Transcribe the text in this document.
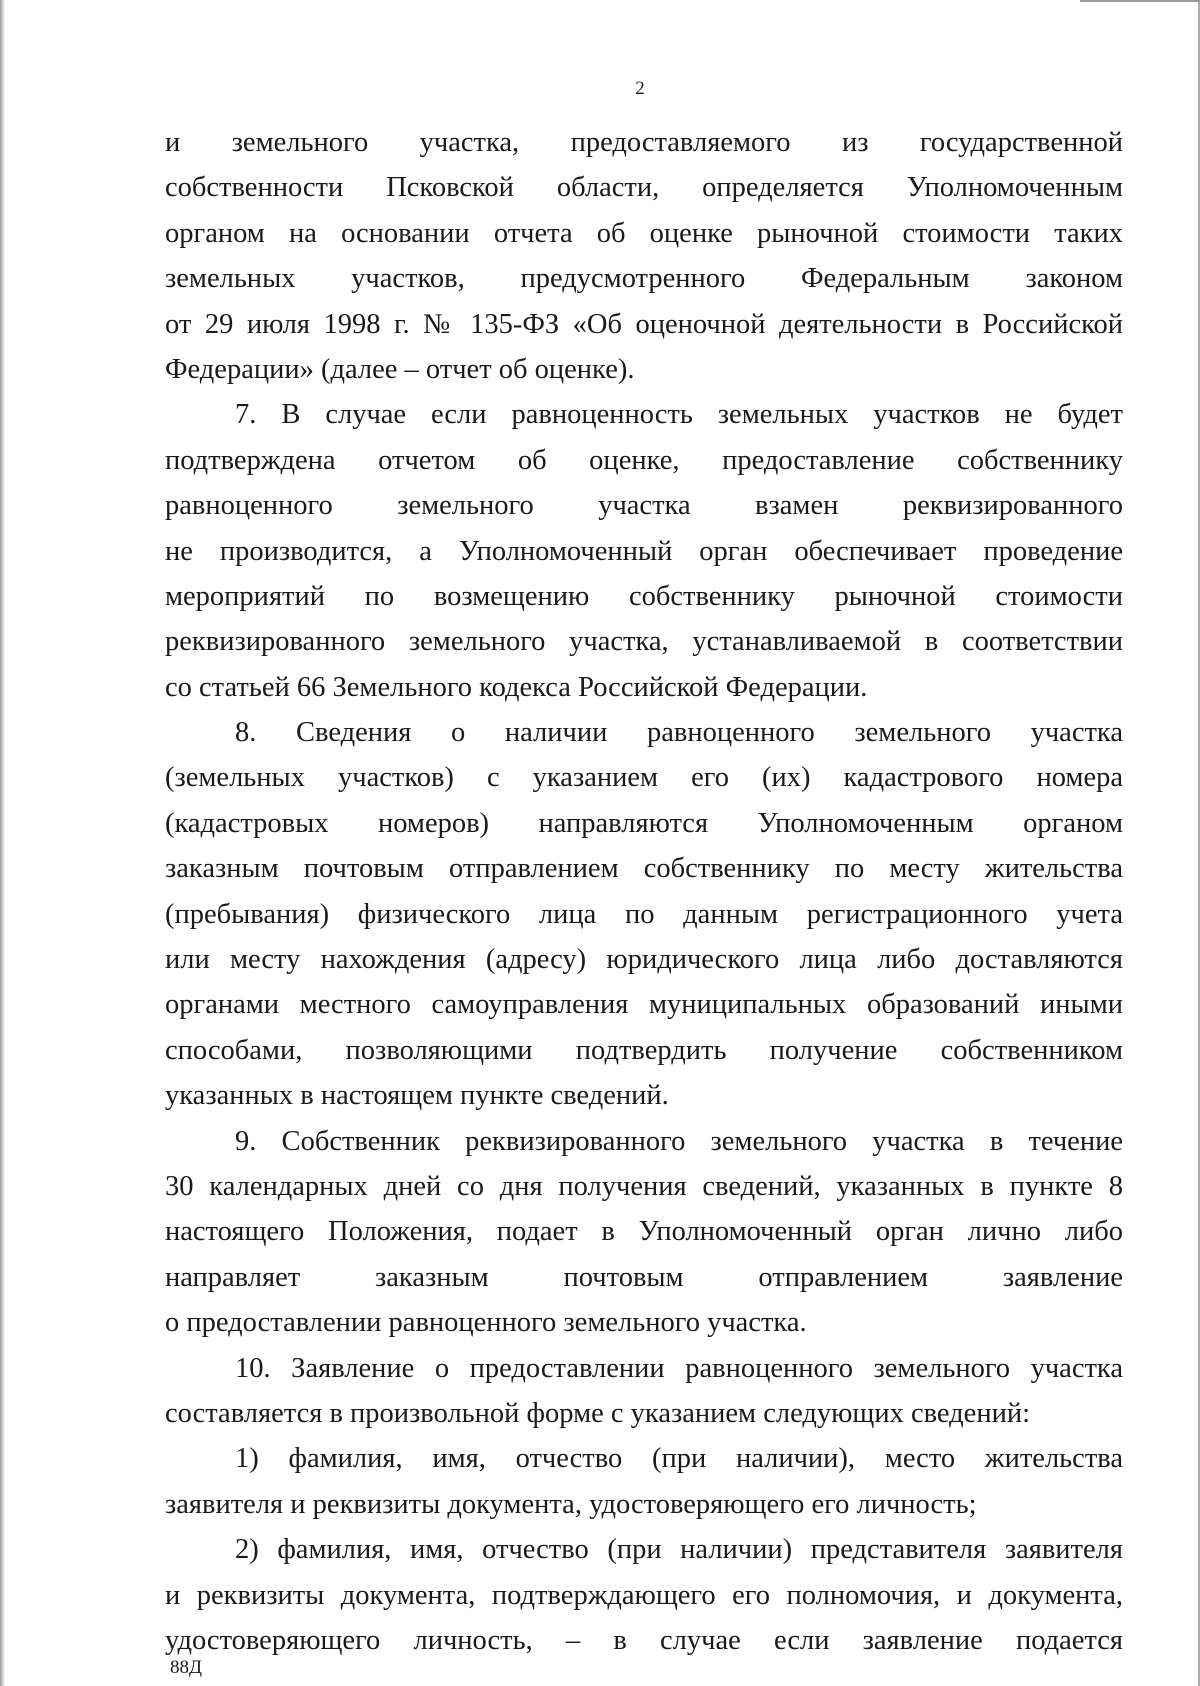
2
и земельного участка, предоставляемого из государственной
собственности Псковской области, определяется Уполномоченным
органом на основании отчета об оценке рыночной стоимости таких
земельных участков, предусмотренного Федеральным законом
от 29 июля 1998 г. № 135-ФЗ «Об оценочной деятельности в Российской
Федерации» (далее – отчет об оценке).
7. В случае если равноценность земельных участков не будет
подтверждена отчетом об оценке, предоставление собственнику
равноценного земельного участка взамен реквизированного
не производится, а Уполномоченный орган обеспечивает проведение
мероприятий по возмещению собственнику рыночной стоимости
реквизированного земельного участка, устанавливаемой в соответствии
со статьей 66 Земельного кодекса Российской Федерации.
8. Сведения о наличии равноценного земельного участка
(земельных участков) с указанием его (их) кадастрового номера
(кадастровых номеров) направляются Уполномоченным органом
заказным почтовым отправлением собственнику по месту жительства
(пребывания) физического лица по данным регистрационного учета
или месту нахождения (адресу) юридического лица либо доставляются
органами местного самоуправления муниципальных образований иными
способами, позволяющими подтвердить получение собственником
указанных в настоящем пункте сведений.
9. Собственник реквизированного земельного участка в течение
30 календарных дней со дня получения сведений, указанных в пункте 8
настоящего Положения, подает в Уполномоченный орган лично либо
направляет заказным почтовым отправлением заявление
о предоставлении равноценного земельного участка.
10. Заявление о предоставлении равноценного земельного участка
составляется в произвольной форме с указанием следующих сведений:
1) фамилия, имя, отчество (при наличии), место жительства
заявителя и реквизиты документа, удостоверяющего его личность;
2) фамилия, имя, отчество (при наличии) представителя заявителя
и реквизиты документа, подтверждающего его полномочия, и документа,
удостоверяющего личность, – в случае если заявление подается
88Д
